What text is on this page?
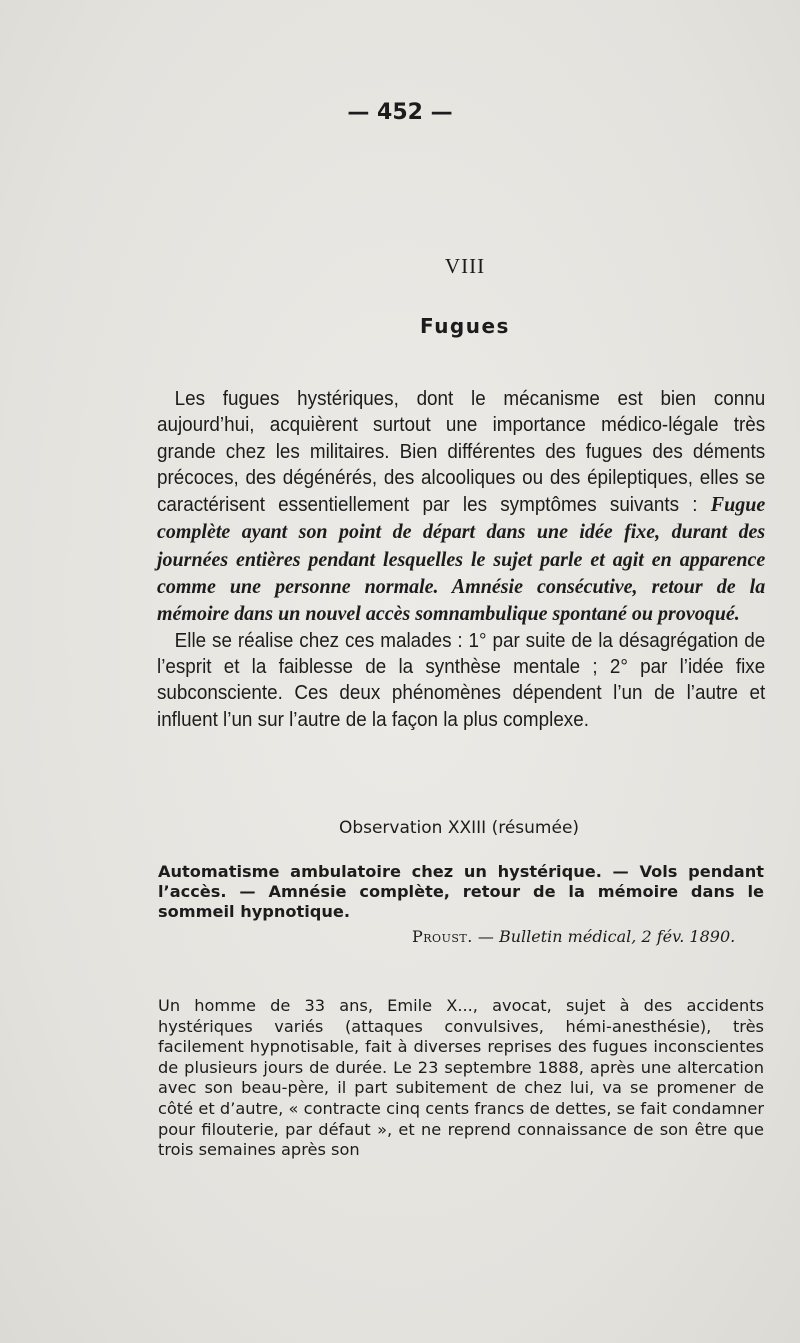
— 452 —
VIII
Fugues

Les fugues hystériques, dont le mécanisme est bien connu aujourd’hui, acquièrent surtout une importance médico-légale très grande chez les militaires. Bien différentes des fugues des déments précoces, des dégénérés, des alcooliques ou des épileptiques, elles se caractérisent essentiellement par les symptômes suivants : Fugue complète ayant son point de départ dans une idée fixe, durant des journées entières pendant lesquelles le sujet parle et agit en apparence comme une personne normale. Amnésie consécutive, retour de la mémoire dans un nouvel accès somnambulique spontané ou provoqué.

Elle se réalise chez ces malades : 1° par suite de la désagrégation de l’esprit et la faiblesse de la synthèse mentale ; 2° par l’idée fixe subconsciente. Ces deux phénomènes dépendent l’un de l’autre et influent l’un sur l’autre de la façon la plus complexe.

Observation XXIII (résumée)
Automatisme ambulatoire chez un hystérique. — Vols pendant l’accès. — Amnésie complète, retour de la mémoire dans le sommeil hypnotique.
Proust. — Bulletin médical, 2 fév. 1890.
Un homme de 33 ans, Emile X..., avocat, sujet à des accidents hystériques variés (attaques convulsives, hémi-anesthésie), très facilement hypnotisable, fait à diverses reprises des fugues inconscientes de plusieurs jours de durée. Le 23 septembre 1888, après une altercation avec son beau-père, il part subitement de chez lui, va se promener de côté et d’autre, « contracte cinq cents francs de dettes, se fait condamner pour filouterie, par défaut », et ne reprend connaissance de son être que trois semaines après son
